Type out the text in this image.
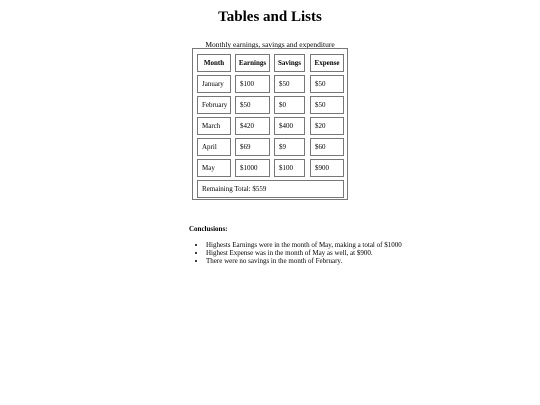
Tables and Lists
Monthly earnings, savings and expenditure
Month	Earnings	Savings	Expense
January	$100	$50	$50
February	$50	$0	$50
March	$420	$400	$20
April	$69	$9	$60
May	$1000	$100	$900
Remaining Total: $559
Conclusions:
• Highests Earnings were in the month of May, making a total of $1000
• Highest Expense was in the month of May as well, at $900.
• There were no savings in the month of February.
